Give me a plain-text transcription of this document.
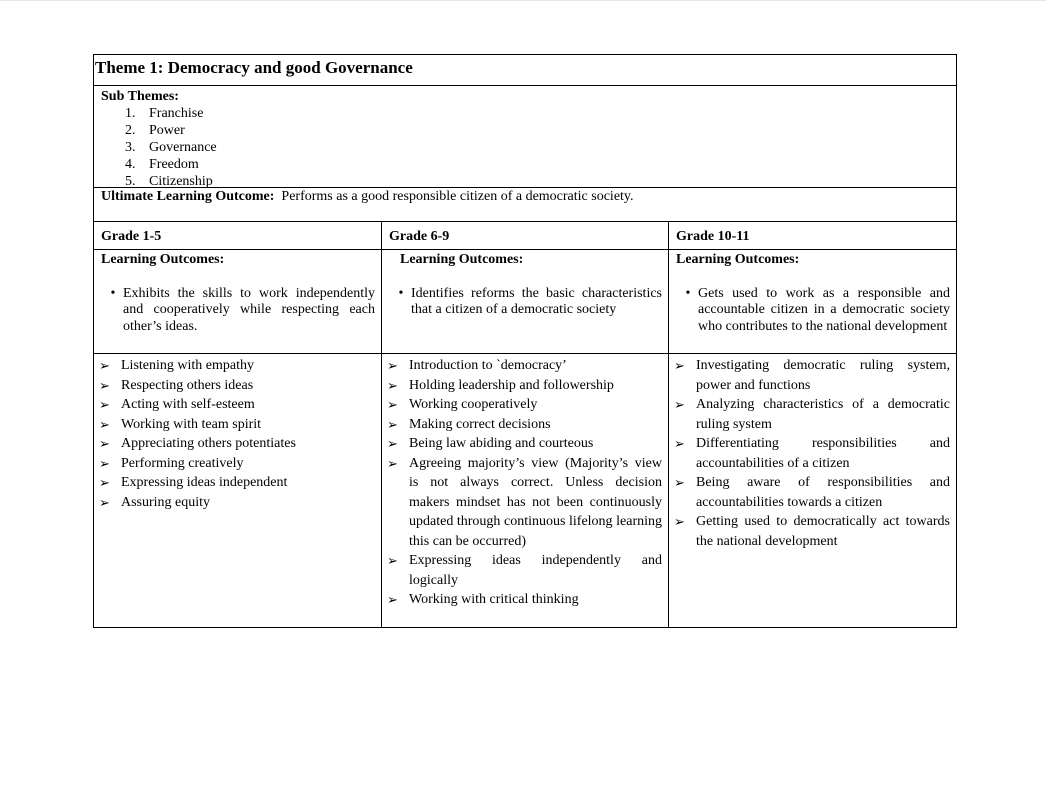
Theme 1: Democracy and good Governance
Sub Themes:
1. Franchise
2. Power
3. Governance
4. Freedom
5. Citizenship
Ultimate Learning Outcome: Performs as a good responsible citizen of a democratic society.
Grade 1-5	Grade 6-9	Grade 10-11
Learning Outcomes:
• Exhibits the skills to work independently and cooperatively while respecting each other’s ideas.
Learning Outcomes:
• Identifies reforms the basic characteristics that a citizen of a democratic society
Learning Outcomes:
• Gets used to work as a responsible and accountable citizen in a democratic society who contributes to the national development
➢ Listening with empathy
➢ Respecting others ideas
➢ Acting with self-esteem
➢ Working with team spirit
➢ Appreciating others potentiates
➢ Performing creatively
➢ Expressing ideas independent
➢ Assuring equity
➢ Introduction to `democracy’
➢ Holding leadership and followership
➢ Working cooperatively
➢ Making correct decisions
➢ Being law abiding and courteous
➢ Agreeing majority’s view (Majority’s view is not always correct. Unless decision makers mindset has not been continuously updated through continuous lifelong learning this can be occurred)
➢ Expressing ideas independently and logically
➢ Working with critical thinking
➢ Investigating democratic ruling system, power and functions
➢ Analyzing characteristics of a democratic ruling system
➢ Differentiating responsibilities and accountabilities of a citizen
➢ Being aware of responsibilities and accountabilities towards a citizen
➢ Getting used to democratically act towards the national development
